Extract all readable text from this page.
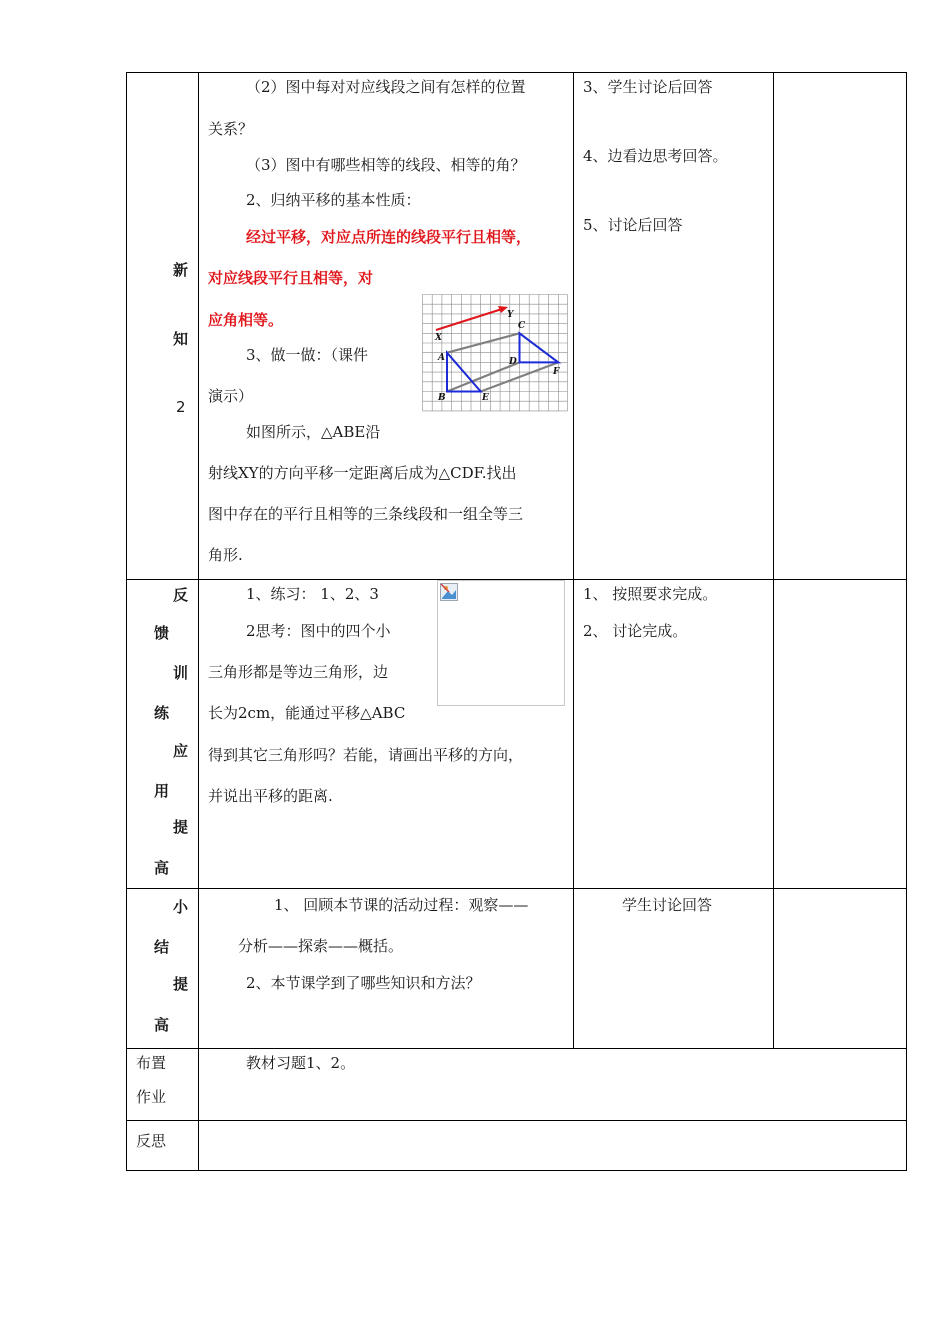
新
知
2
（2）图中每对对应线段之间有怎样的位置
关系？
（3）图中有哪些相等的线段、相等的角？
2、归纳平移的基本性质：
经过平移，对应点所连的线段平行且相等，
对应线段平行且相等，对
应角相等。
3、做一做：（课件
演示）
如图所示，△ABE沿
射线XY的方向平移一定距离后成为△CDF.找出
图中存在的平行且相等的三条线段和一组全等三
角形.
X
Y
A
B
C
D
E
F
3、学生讨论后回答
4、边看边思考回答。
5、讨论后回答
反
馈
训
练
应
用
提
高
1、练习： 1、2、3
2思考：图中的四个小
三角形都是等边三角形，边
长为2cm，能通过平移△ABC
得到其它三角形吗？若能，请画出平移的方向，
并说出平移的距离.
1、 按照要求完成。
2、 讨论完成。
小
结
提
高
1、 回顾本节课的活动过程：观察——
分析——探索——概括。
2、本节课学到了哪些知识和方法？
学生讨论回答
布置
作业
教材习题1、2。
反思
